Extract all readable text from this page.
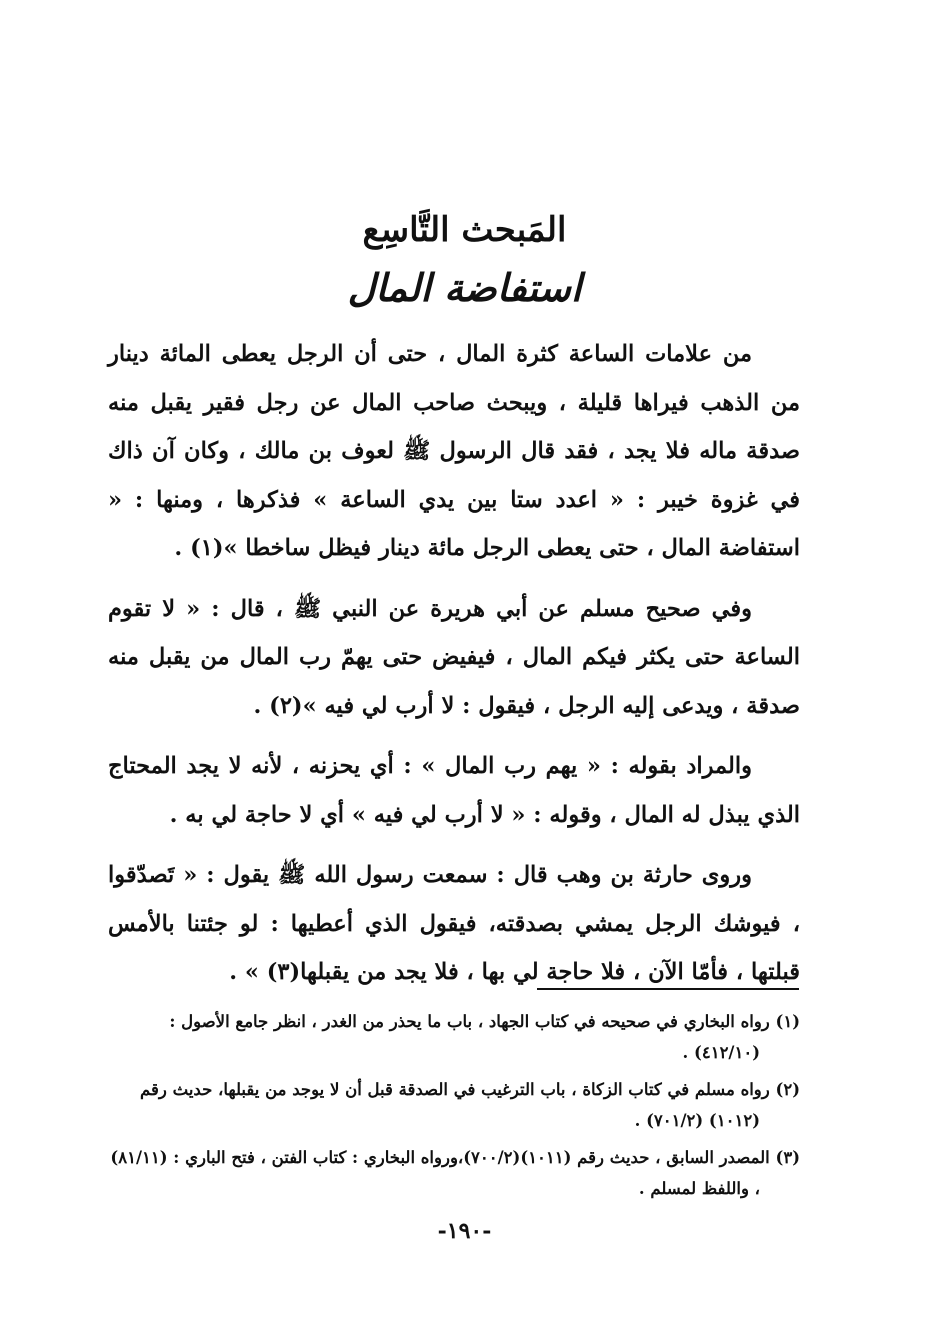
المَبحث التَّاسِع
استفاضة المال

من علامات الساعة كثرة المال ، حتى أن الرجل يعطى المائة دينار من الذهب فيراها قليلة ، ويبحث صاحب المال عن رجل فقير يقبل منه صدقة ماله فلا يجد ، فقد قال الرسول ﷺ لعوف بن مالك ، وكان آن ذاك في غزوة خيبر : « اعدد ستا بين يدي الساعة » فذكرها ، ومنها : « استفاضة المال ، حتى يعطى الرجل مائة دينار فيظل ساخطا »(١) .

وفي صحيح مسلم عن أبي هريرة عن النبي ﷺ ، قال : « لا تقوم الساعة حتى يكثر فيكم المال ، فيفيض حتى يهمّ رب المال من يقبل منه صدقة ، ويدعى إليه الرجل ، فيقول : لا أرب لي فيه »(٢) .

والمراد بقوله : « يهم رب المال » : أي يحزنه ، لأنه لا يجد المحتاج الذي يبذل له المال ، وقوله : « لا أرب لي فيه » أي لا حاجة لي به .

وروى حارثة بن وهب قال : سمعت رسول الله ﷺ يقول : « تَصدّقوا ، فيوشك الرجل يمشي بصدقته، فيقول الذي أعطيها : لو جئتنا بالأمس قبلتها ، فأمّا الآن ، فلا حاجة لي بها ، فلا يجد من يقبلها(٣) » .

(١) رواه البخاري في صحيحه في كتاب الجهاد ، باب ما يحذر من الغدر ، انظر جامع الأصول : (٤١٢/١٠) .

(٢) رواه مسلم في كتاب الزكاة ، باب الترغيب في الصدقة قبل أن لا يوجد من يقبلها، حديث رقم (١٠١٢) (٧٠١/٢) .

(٣) المصدر السابق ، حديث رقم (١٠١١)(٧٠٠/٢)،ورواه البخاري : كتاب الفتن ، فتح الباري : (٨١/١١) ، واللفظ لمسلم .

-١٩٠-
